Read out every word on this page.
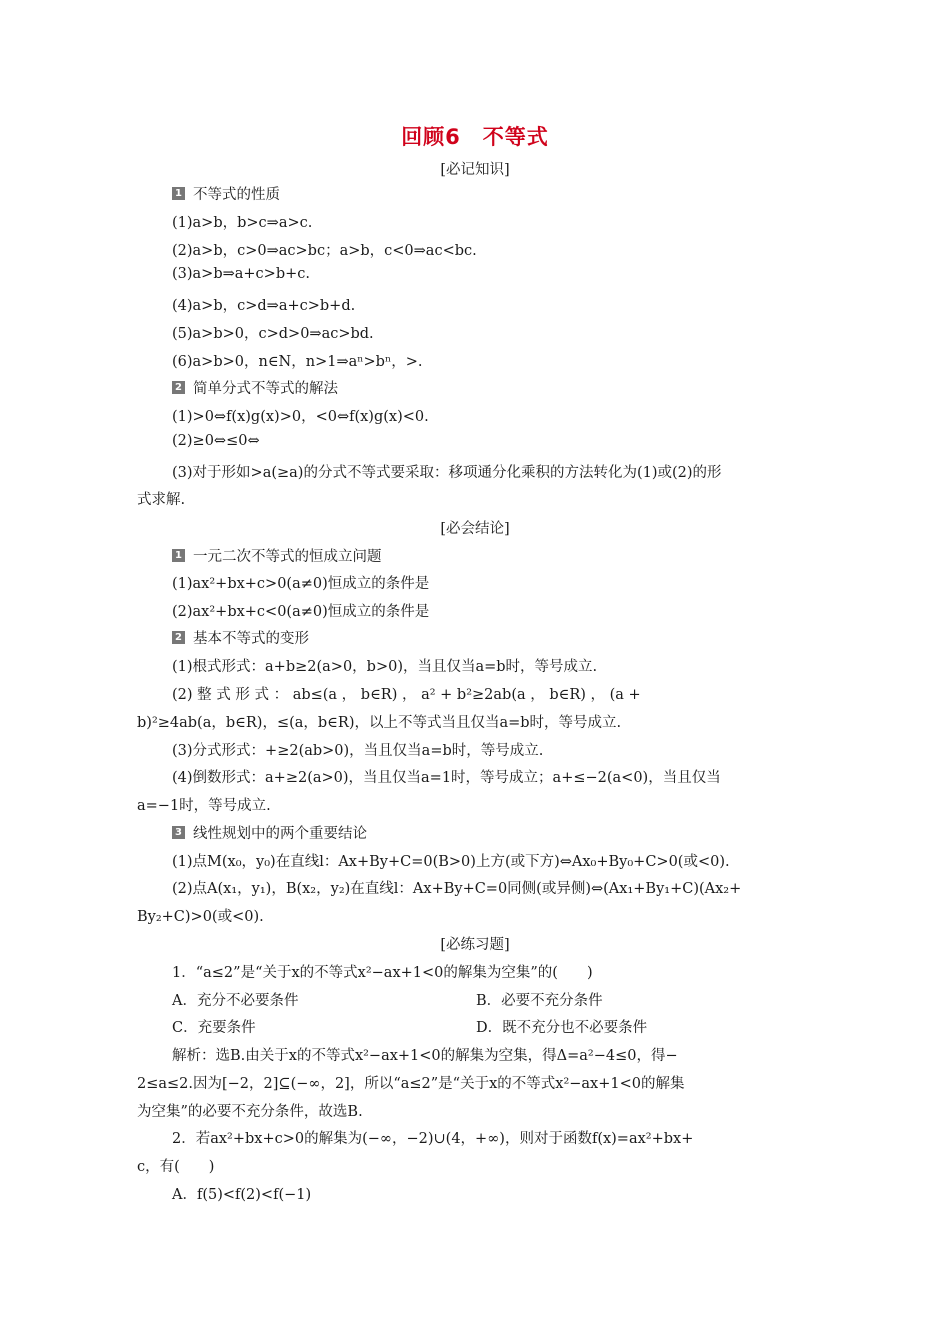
回顾6　不等式
[必记知识]
1 不等式的性质
(1)a>b，b>c⇒a>c.
(2)a>b，c>0⇒ac>bc；a>b，c<0⇒ac<bc.
(3)a>b⇒a+c>b+c.
(4)a>b，c>d⇒a+c>b+d.
(5)a>b>0，c>d>0⇒ac>bd.
(6)a>b>0，n∈N，n>1⇒aⁿ>bⁿ，>.
2 简单分式不等式的解法
(1)>0⇔f(x)g(x)>0，<0⇔f(x)g(x)<0.
(2)≥0⇔≤0⇔
(3)对于形如>a(≥a)的分式不等式要采取：移项通分化乘积的方法转化为(1)或(2)的形
式求解.
[必会结论]
1 一元二次不等式的恒成立问题
(1)ax²+bx+c>0(a≠0)恒成立的条件是
(2)ax²+bx+c<0(a≠0)恒成立的条件是
2 基本不等式的变形
(1)根式形式：a+b≥2(a>0，b>0)，当且仅当a=b时，等号成立.
(2) 整 式 形 式 ： ab≤(a ， b∈R) ， a² + b²≥2ab(a ， b∈R) ， (a +
b)²≥4ab(a，b∈R)，≤(a，b∈R)，以上不等式当且仅当a=b时，等号成立.
(3)分式形式：+≥2(ab>0)，当且仅当a=b时，等号成立.
(4)倒数形式：a+≥2(a>0)，当且仅当a=1时，等号成立；a+≤−2(a<0)，当且仅当
a=−1时，等号成立.
3 线性规划中的两个重要结论
(1)点M(x₀，y₀)在直线l：Ax+By+C=0(B>0)上方(或下方)⇔Ax₀+By₀+C>0(或<0).
(2)点A(x₁，y₁)，B(x₂，y₂)在直线l：Ax+By+C=0同侧(或异侧)⇔(Ax₁+By₁+C)(Ax₂+
By₂+C)>0(或<0).
[必练习题]
1．“a≤2”是“关于x的不等式x²−ax+1<0的解集为空集”的(　　)
A．充分不必要条件	B．必要不充分条件
C．充要条件	D．既不充分也不必要条件
解析：选B.由关于x的不等式x²−ax+1<0的解集为空集，得Δ=a²−4≤0，得−
2≤a≤2.因为[−2，2]⊆(−∞，2]，所以“a≤2”是“关于x的不等式x²−ax+1<0的解集
为空集”的必要不充分条件，故选B.
2．若ax²+bx+c>0的解集为(−∞，−2)∪(4，+∞)，则对于函数f(x)=ax²+bx+
c，有(　　)
A．f(5)<f(2)<f(−1)
